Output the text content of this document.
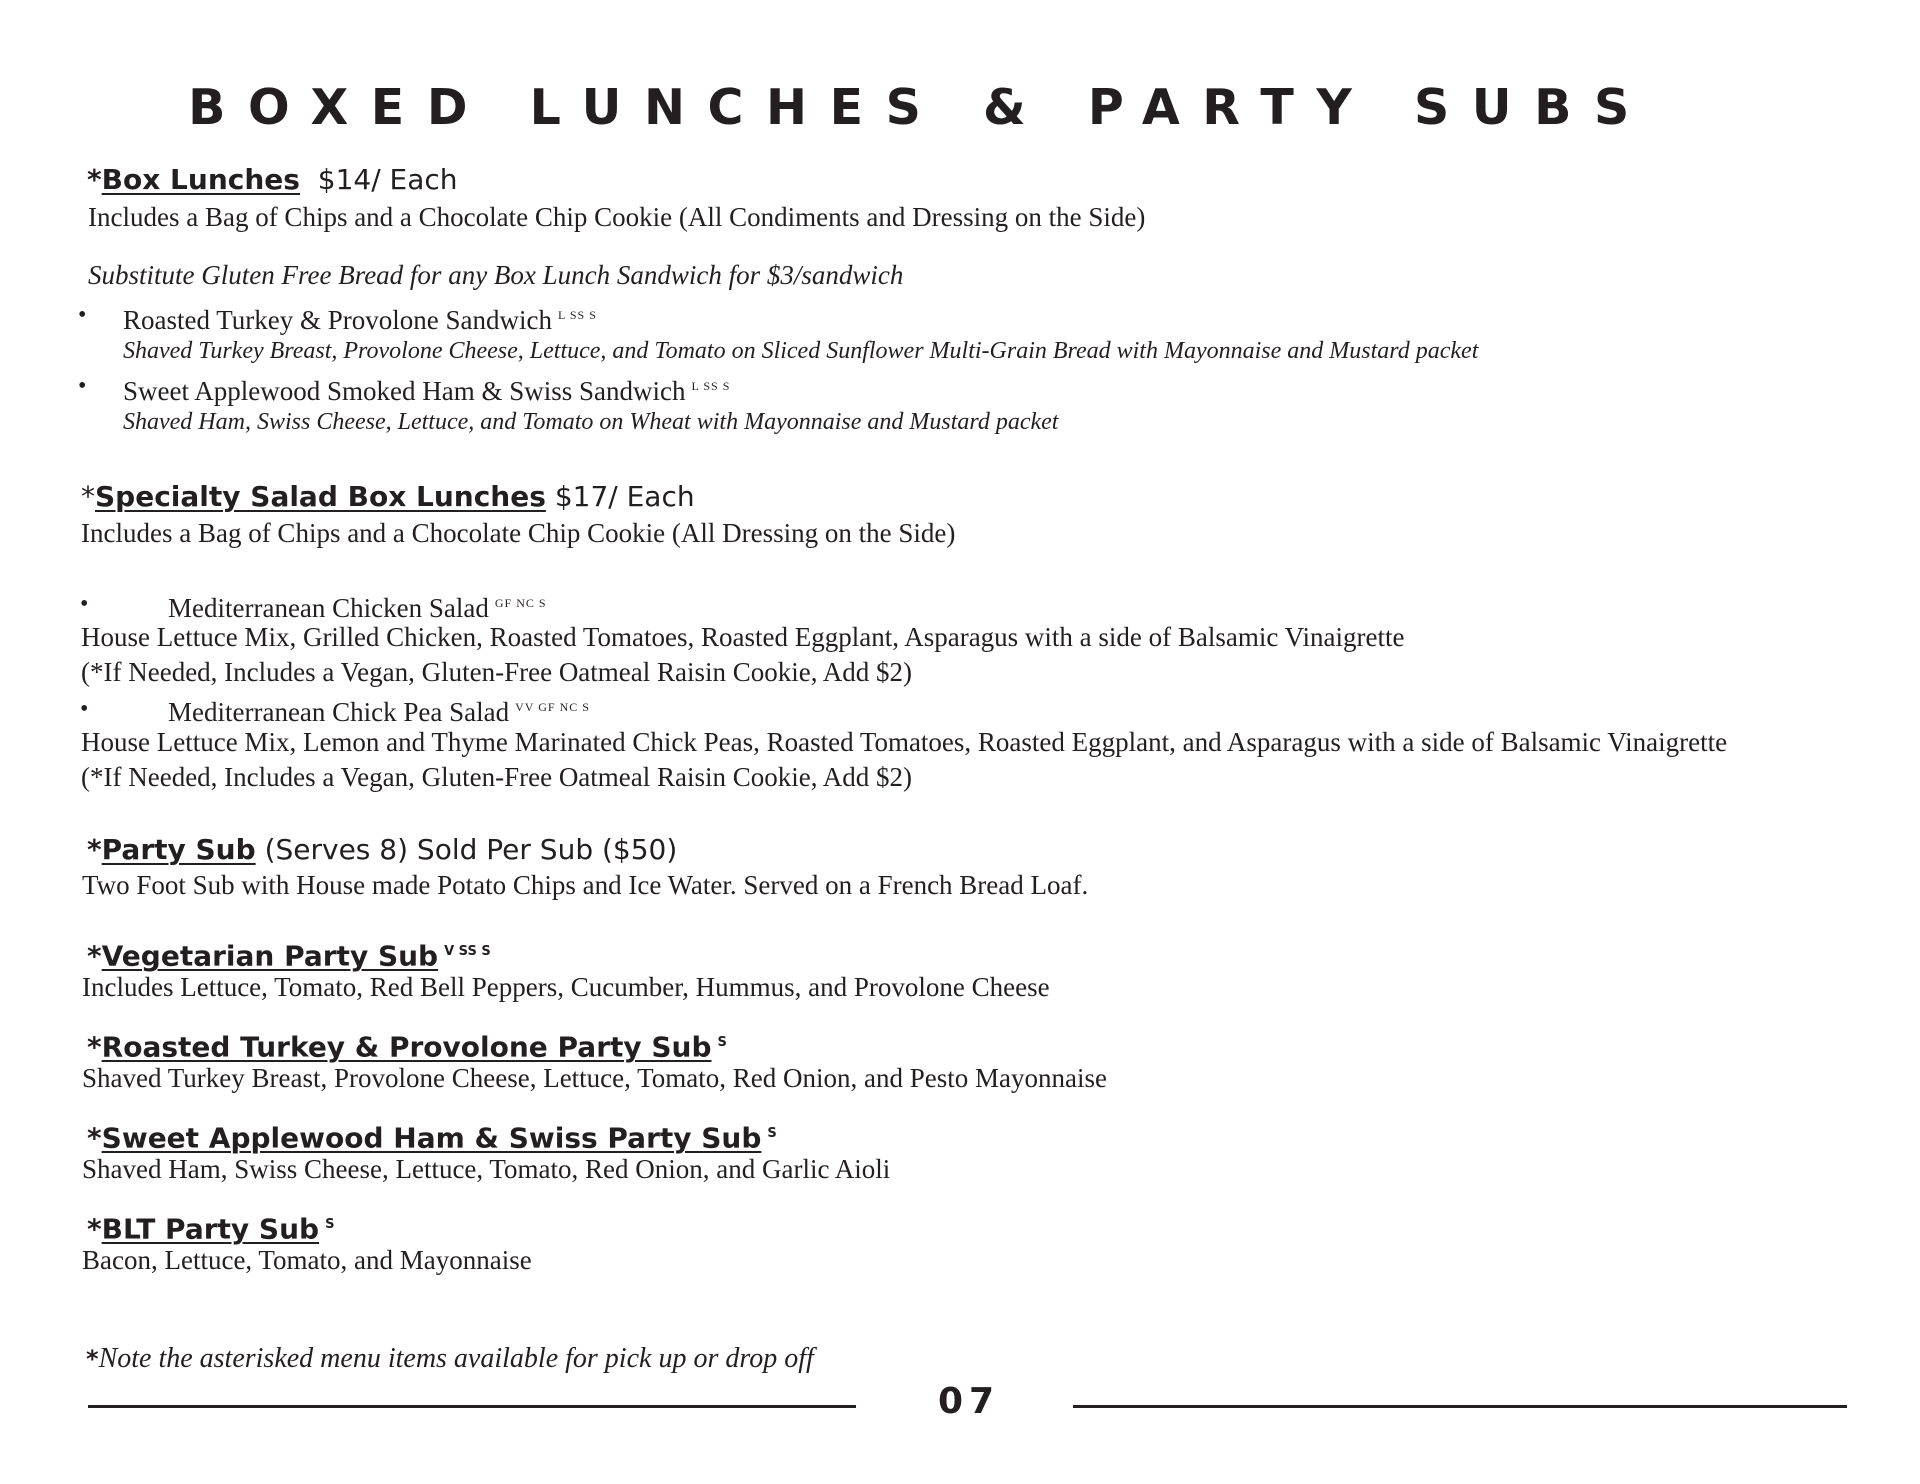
BOXED LUNCHES & PARTY SUBS
*Box Lunches $14/ Each
Includes a Bag of Chips and a Chocolate Chip Cookie (All Condiments and Dressing on the Side)
Substitute Gluten Free Bread for any Box Lunch Sandwich for $3/sandwich
• Roasted Turkey & Provolone Sandwich $^{L SS S}$
Shaved Turkey Breast, Provolone Cheese, Lettuce, and Tomato on Sliced Sunflower Multi-Grain Bread with Mayonnaise and Mustard packet
• Sweet Applewood Smoked Ham & Swiss Sandwich $^{L SS S}$
Shaved Ham, Swiss Cheese, Lettuce, and Tomato on Wheat with Mayonnaise and Mustard packet
*Specialty Salad Box Lunches $17/ Each
Includes a Bag of Chips and a Chocolate Chip Cookie (All Dressing on the Side)
•	Mediterranean Chicken Salad $^{GF NC S}$
House Lettuce Mix, Grilled Chicken, Roasted Tomatoes, Roasted Eggplant, Asparagus with a side of Balsamic Vinaigrette
(*If Needed, Includes a Vegan, Gluten-Free Oatmeal Raisin Cookie, Add $2)
•	Mediterranean Chick Pea Salad $^{VV GF NC S}$
House Lettuce Mix, Lemon and Thyme Marinated Chick Peas, Roasted Tomatoes, Roasted Eggplant, and Asparagus with a side of Balsamic Vinaigrette
(*If Needed, Includes a Vegan, Gluten-Free Oatmeal Raisin Cookie, Add $2)
*Party Sub (Serves 8) Sold Per Sub ($50)
Two Foot Sub with House made Potato Chips and Ice Water. Served on a French Bread Loaf.
*Vegetarian Party Sub $^{V SS S}$
Includes Lettuce, Tomato, Red Bell Peppers, Cucumber, Hummus, and Provolone Cheese
*Roasted Turkey & Provolone Party Sub $^S$
Shaved Turkey Breast, Provolone Cheese, Lettuce, Tomato, Red Onion, and Pesto Mayonnaise
*Sweet Applewood Ham & Swiss Party Sub $^S$
Shaved Ham, Swiss Cheese, Lettuce, Tomato, Red Onion, and Garlic Aioli
*BLT Party Sub $^S$
Bacon, Lettuce, Tomato, and Mayonnaise
*Note the asterisked menu items available for pick up or drop off
07
